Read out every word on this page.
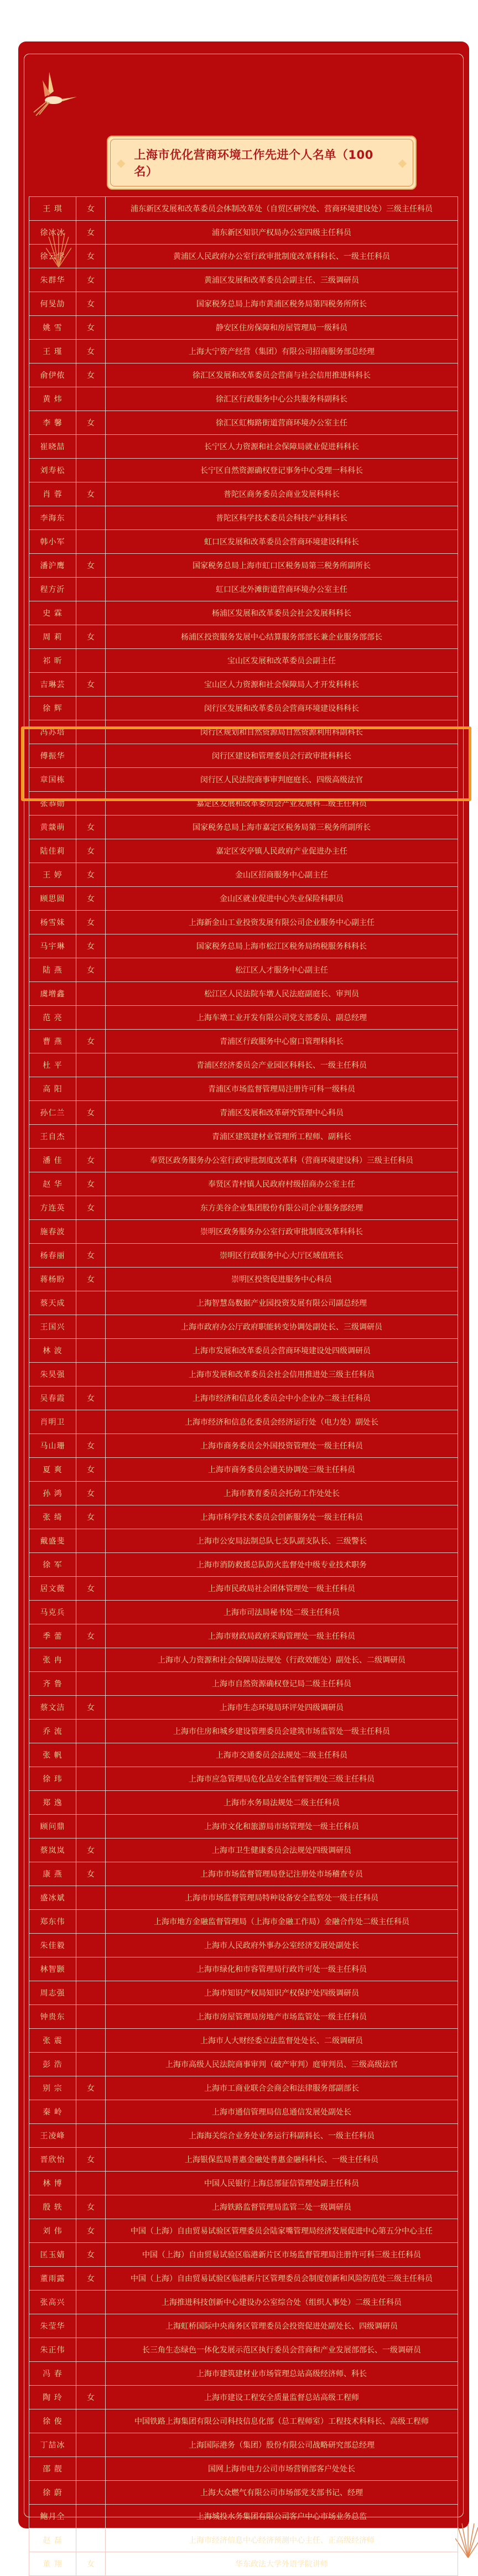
◆
上海市优化营商环境工作先进个人名单（100名）
◆
王 琪	女	浦东新区发展和改革委员会体制改革处（自贸区研究处、营商环境建设处）三级主任科员
徐冰冰	女	浦东新区知识产权局办公室四级主任科员
徐云学	女	黄浦区人民政府办公室行政审批制度改革科科长、一级主任科员
朱群华	女	黄浦区发展和改革委员会副主任、三级调研员
何旻劼	女	国家税务总局上海市黄浦区税务局第四税务所所长
姚 雪	女	静安区住房保障和房屋管理局一级科员
王 瑾	女	上海大宁资产经营（集团）有限公司招商服务部总经理
俞伊侬	女	徐汇区发展和改革委员会营商与社会信用推进科科长
黄 炜		徐汇区行政服务中心公共服务科副科长
李 馨	女	徐汇区虹梅路街道营商环境办公室主任
崔晓喆		长宁区人力资源和社会保障局就业促进科科长
刘寿松		长宁区自然资源确权登记事务中心受理一科科长
肖 蓉	女	普陀区商务委员会商业发展科科长
李海东		普陀区科学技术委员会科技产业科科长
韩小军		虹口区发展和改革委员会营商环境建设科科长
潘沪鹰	女	国家税务总局上海市虹口区税务局第三税务所副所长
程方沂		虹口区北外滩街道营商环境办公室主任
史 霖		杨浦区发展和改革委员会社会发展科科长
周 莉	女	杨浦区投资服务发展中心结算服务部部长兼企业服务部部长
祁 昕		宝山区发展和改革委员会副主任
吉琳芸	女	宝山区人力资源和社会保障局人才开发科科长
徐 辉		闵行区发展和改革委员会营商环境建设科科长
冯苏培		闵行区规划和自然资源局自然资源利用科副科长
傅振华		闵行区建设和管理委员会行政审批科科长
章国栋		闵行区人民法院商事审判庭庭长、四级高级法官
张恭勋		嘉定区发展和改革委员会产业发展科二级主任科员
黄燚萌	女	国家税务总局上海市嘉定区税务局第三税务所副所长
陆佳莉	女	嘉定区安亭镇人民政府产业促进办主任
王 婷	女	金山区招商服务中心副主任
顾思圆	女	金山区就业促进中心失业保险科职员
杨雪妹	女	上海新金山工业投资发展有限公司企业服务中心副主任
马宇琳	女	国家税务总局上海市松江区税务局纳税服务科科长
陆 燕	女	松江区人才服务中心副主任
虞增鑫		松江区人民法院车墩人民法庭副庭长、审判员
范 亮		上海车墩工业开发有限公司党支部委员、副总经理
曹 燕	女	青浦区行政服务中心窗口管理科科长
杜 平		青浦区经济委员会产业园区科科长、一级主任科员
高 阳		青浦区市场监督管理局注册许可科一级科员
孙仁兰	女	青浦区发展和改革研究管理中心科员
王自杰		青浦区建筑建材业管理所工程师、副科长
潘 佳	女	奉贤区政务服务办公室行政审批制度改革科（营商环境建设科）三级主任科员
赵 华	女	奉贤区青村镇人民政府村级招商办公室主任
方连英	女	东方美谷企业集团股份有限公司企业服务部经理
施春波		崇明区政务服务办公室行政审批制度改革科科长
杨春丽	女	崇明区行政服务中心大厅区域值班长
蒋杨盼	女	崇明区投资促进服务中心科员
蔡天成		上海智慧岛数据产业园投资发展有限公司副总经理
王国兴		上海市政府办公厅政府职能转变协调处副处长、三级调研员
林 波		上海市发展和改革委员会营商环境建设处四级调研员
朱昊强		上海市发展和改革委员会社会信用推进处三级主任科员
吴春霞	女	上海市经济和信息化委员会中小企业办二级主任科员
肖明卫		上海市经济和信息化委员会经济运行处（电力处）副处长
马山珊	女	上海市商务委员会外国投资管理处一级主任科员
夏 爽	女	上海市商务委员会通关协调处三级主任科员
孙 鸿	女	上海市教育委员会托幼工作处处长
张 绮	女	上海市科学技术委员会创新服务处一级主任科员
戴盛斐		上海市公安局法制总队七支队副支队长、三级警长
徐 军		上海市消防救援总队防火监督处中级专业技术职务
居文薇	女	上海市民政局社会团体管理处一级主任科员
马克兵		上海市司法局秘书处二级主任科员
季 蕾	女	上海市财政局政府采购管理处一级主任科员
张 冉		上海市人力资源和社会保障局法规处（行政效能处）副处长、二级调研员
齐 鲁		上海市自然资源确权登记局二级主任科员
蔡文洁	女	上海市生态环境局环评处四级调研员
乔 流		上海市住房和城乡建设管理委员会建筑市场监管处一级主任科员
张 帆		上海市交通委员会法规处二级主任科员
徐 玮		上海市应急管理局危化品安全监督管理处三级主任科员
郑 逸		上海市水务局法规处二级主任科员
顾问鼎		上海市文化和旅游局市场管理处一级主任科员
蔡岚岚	女	上海市卫生健康委员会法规处四级调研员
康 燕	女	上海市市场监督管理局登记注册处市场稽查专员
盛冰斌		上海市市场监督管理局特种设备安全监察处一级主任科员
郑东伟		上海市地方金融监督管理局（上海市金融工作局）金融合作处二级主任科员
朱佳毅		上海市人民政府外事办公室经济发展处副处长
林智颢		上海市绿化和市容管理局行政许可处一级主任科员
周志强		上海市知识产权局知识产权保护处四级调研员
钟贵东		上海市房屋管理局房地产市场监管处一级主任科员
张 震		上海市人大财经委立法监督处处长、二级调研员
彭 浩		上海市高级人民法院商事审判（破产审判）庭审判员、三级高级法官
别 宗	女	上海市工商业联合会商会和法律服务部副部长
秦 岭		上海市通信管理局信息通信发展处副处长
王凌峰		上海海关综合业务处业务运行科副科长、一级主任科员
晋欣怡	女	上海银保监局普惠金融处普惠金融科科长、一级主任科员
林 博		中国人民银行上海总部征信管理处副主任科员
殷 轶	女	上海铁路监督管理局监管二处一级调研员
刘 伟	女	中国（上海）自由贸易试验区管理委员会陆家嘴管理局经济发展促进中心第五分中心主任
匡玉婧	女	中国（上海）自由贸易试验区临港新片区市场监督管理局注册许可科三级主任科员
董雨露	女	中国（上海）自由贸易试验区临港新片区管理委员会制度创新和风险防范处三级主任科员
张高兴		上海推进科技创新中心建设办公室综合处（组织人事处）二级主任科员
朱莹华		上海虹桥国际中央商务区管理委员会投资促进处副处长、四级调研员
朱正伟		长三角生态绿色一体化发展示范区执行委员会营商和产业发展部部长、一级调研员
冯 春		上海市建筑建材业市场管理总站高级经济师、科长
陶 玲	女	上海市建设工程安全质量监督总站高级工程师
徐 俊		中国铁路上海集团有限公司科技信息化部（总工程师室）工程技术科科长、高级工程师
丁喆冰		上海国际港务（集团）股份有限公司战略研究部总经理
邵 靓		国网上海市电力公司市场营销部客户处处长
徐 蔚		上海大众燃气有限公司市场部党支部书记、经理
鲍月全		上海城投水务集团有限公司客户中心市场业务总监
赵 磊		上海市经济信息中心经济预测中心主任、正高级经济师
董 翔	女	华东政法大学外语学院讲师
